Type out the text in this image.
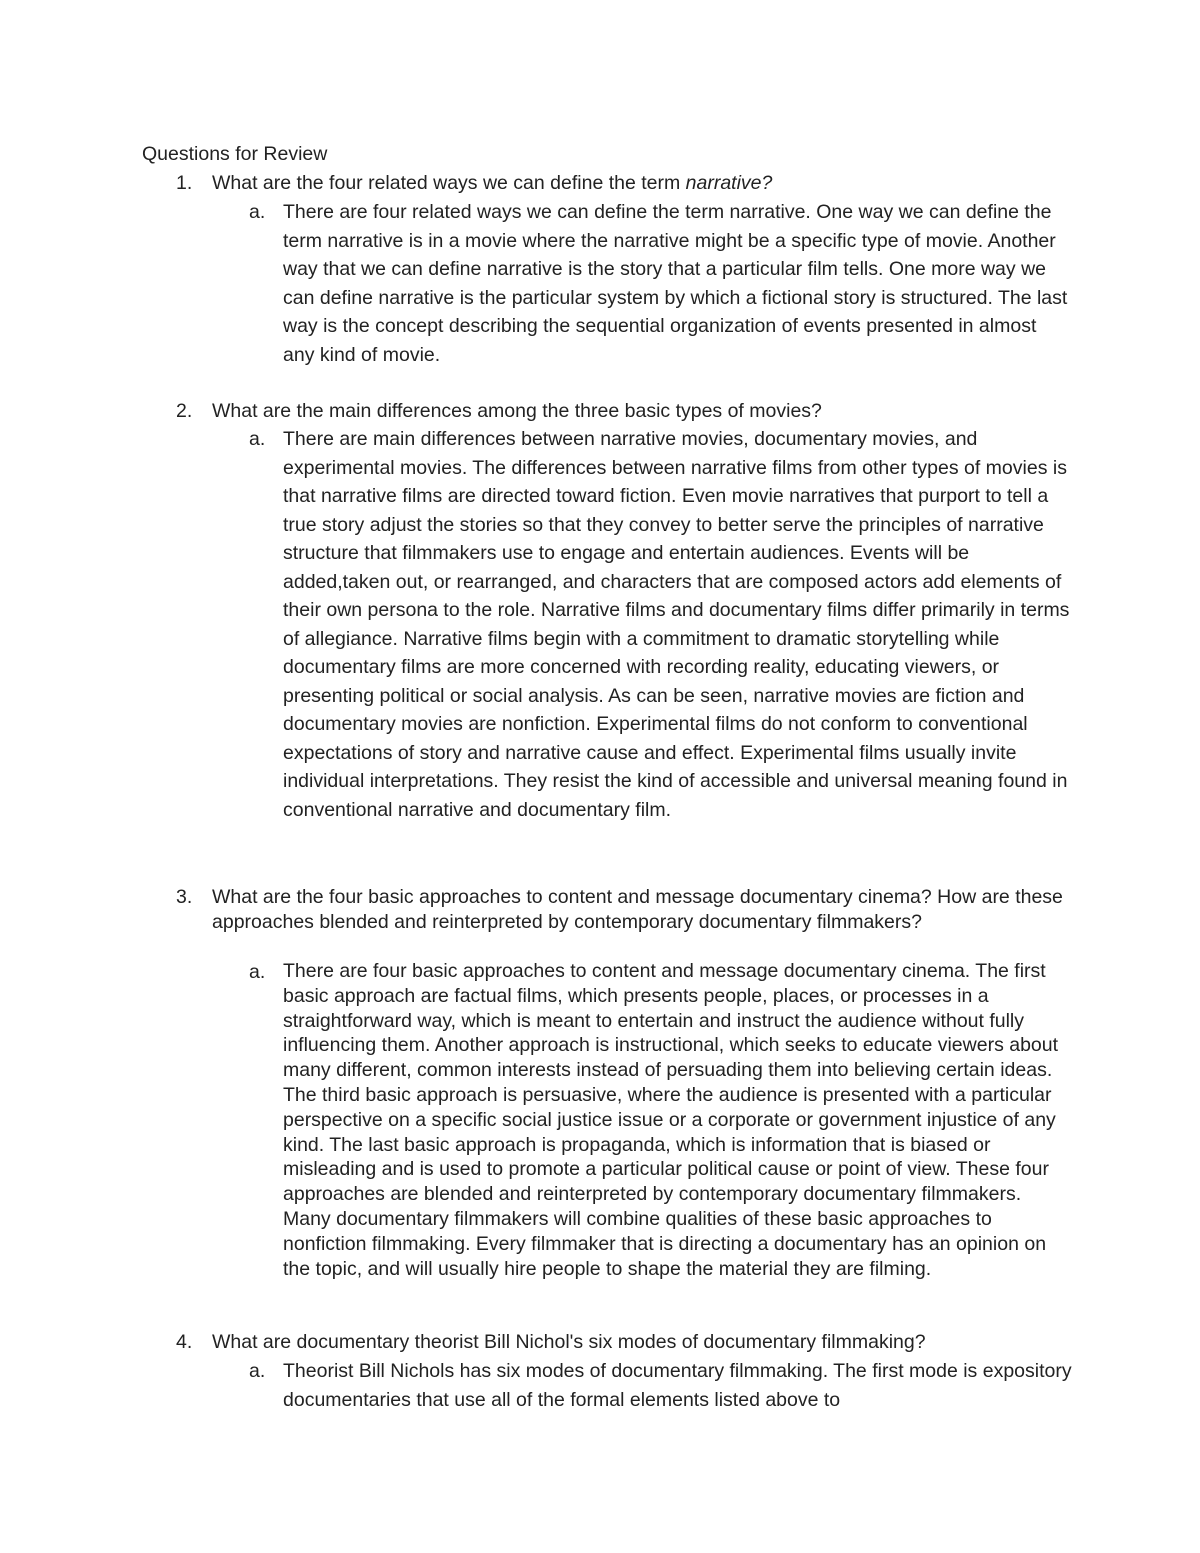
Questions for Review
1. What are the four related ways we can define the term narrative?

a. There are four related ways we can define the term narrative. One way we can define the term narrative is in a movie where the narrative might be a specific type of movie. Another way that we can define narrative is the story that a particular film tells. One more way we can define narrative is the particular system by which a fictional story is structured. The last way is the concept describing the sequential organization of events presented in almost any kind of movie.

2. What are the main differences among the three basic types of movies?

a. There are main differences between narrative movies, documentary movies, and experimental movies. The differences between narrative films from other types of movies is that narrative films are directed toward fiction. Even movie narratives that purport to tell a true story adjust the stories so that they convey to better serve the principles of narrative structure that filmmakers use to engage and entertain audiences. Events will be added,taken out, or rearranged, and characters that are composed actors add elements of their own persona to the role. Narrative films and documentary films differ primarily in terms of allegiance. Narrative films begin with a commitment to dramatic storytelling while documentary films are more concerned with recording reality, educating viewers, or presenting political or social analysis. As can be seen, narrative movies are fiction and documentary movies are nonfiction. Experimental films do not conform to conventional expectations of story and narrative cause and effect. Experimental films usually invite individual interpretations. They resist the kind of accessible and universal meaning found in conventional narrative and documentary film.

3. What are the four basic approaches to content and message documentary cinema? How are these approaches blended and reinterpreted by contemporary documentary filmmakers?

a. There are four basic approaches to content and message documentary cinema. The first basic approach are factual films, which presents people, places, or processes in a straightforward way, which is meant to entertain and instruct the audience without fully influencing them. Another approach is instructional, which seeks to educate viewers about many different, common interests instead of persuading them into believing certain ideas. The third basic approach is persuasive, where the audience is presented with a particular perspective on a specific social justice issue or a corporate or government injustice of any kind. The last basic approach is propaganda, which is information that is biased or misleading and is used to promote a particular political cause or point of view. These four approaches are blended and reinterpreted by contemporary documentary filmmakers. Many documentary filmmakers will combine qualities of these basic approaches to nonfiction filmmaking. Every filmmaker that is directing a documentary has an opinion on the topic, and will usually hire people to shape the material they are filming.

4. What are documentary theorist Bill Nichol's six modes of documentary filmmaking?

a. Theorist Bill Nichols has six modes of documentary filmmaking. The first mode is expository documentaries that use all of the formal elements listed above to
